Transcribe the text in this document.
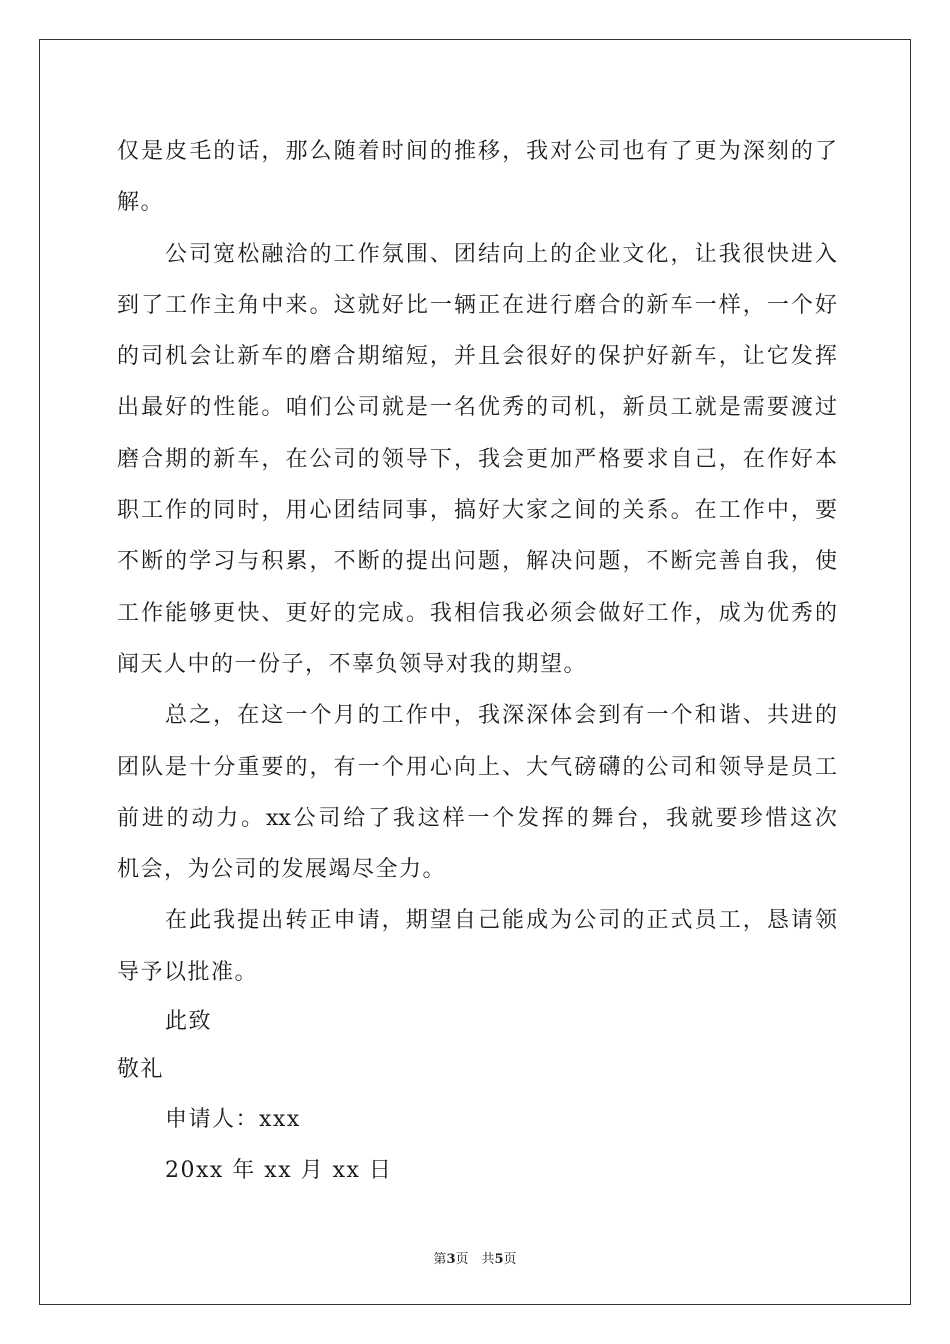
仅是皮毛的话，那么随着时间的推移，我对公司也有了更为深刻的了
解。
公司宽松融洽的工作氛围、团结向上的企业文化，让我很快进入
到了工作主角中来。这就好比一辆正在进行磨合的新车一样，一个好
的司机会让新车的磨合期缩短，并且会很好的保护好新车，让它发挥
出最好的性能。咱们公司就是一名优秀的司机，新员工就是需要渡过
磨合期的新车，在公司的领导下，我会更加严格要求自己，在作好本
职工作的同时，用心团结同事，搞好大家之间的关系。在工作中，要
不断的学习与积累，不断的提出问题，解决问题，不断完善自我，使
工作能够更快、更好的完成。我相信我必须会做好工作，成为优秀的
闻天人中的一份子，不辜负领导对我的期望。
总之，在这一个月的工作中，我深深体会到有一个和谐、共进的
团队是十分重要的，有一个用心向上、大气磅礴的公司和领导是员工
前进的动力。xx公司给了我这样一个发挥的舞台，我就要珍惜这次
机会，为公司的发展竭尽全力。
在此我提出转正申请，期望自己能成为公司的正式员工，恳请领
导予以批准。
此致
敬礼
申请人：xxx
20xx 年 xx 月 xx 日
第3页　共5页
